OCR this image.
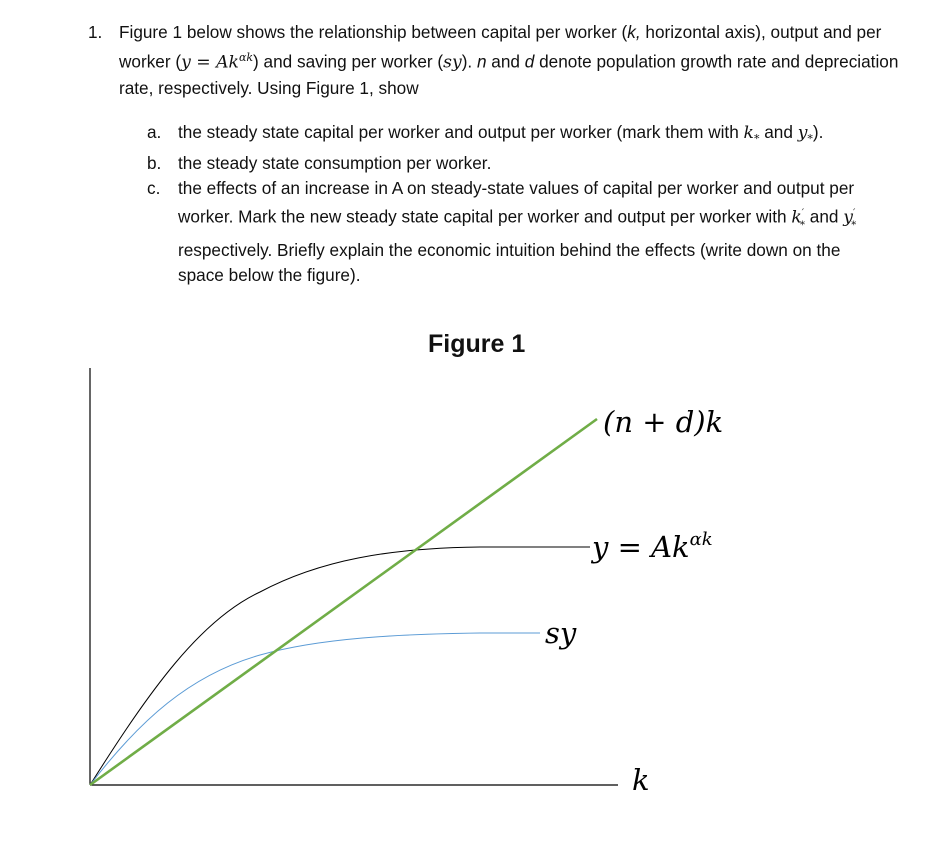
1. Figure 1 below shows the relationship between capital per worker (k, horizontal axis), output and per worker $(y = Ak^{\alpha k})$ and saving per worker (sy). n and d denote population growth rate and depreciation rate, respectively. Using Figure 1, show
a. the steady state capital per worker and output per worker (mark them with $k_*$ and $y_*$).
b. the steady state consumption per worker.
c. the effects of an increase in A on steady-state values of capital per worker and output per worker. Mark the new steady state capital per worker and output per worker with $k'_*$ and $y'_*$ respectively. Briefly explain the economic intuition behind the effects (write down on the space below the figure).
Figure 1
(n + d)k
$y = Ak^{\alpha k}$
sy
k
